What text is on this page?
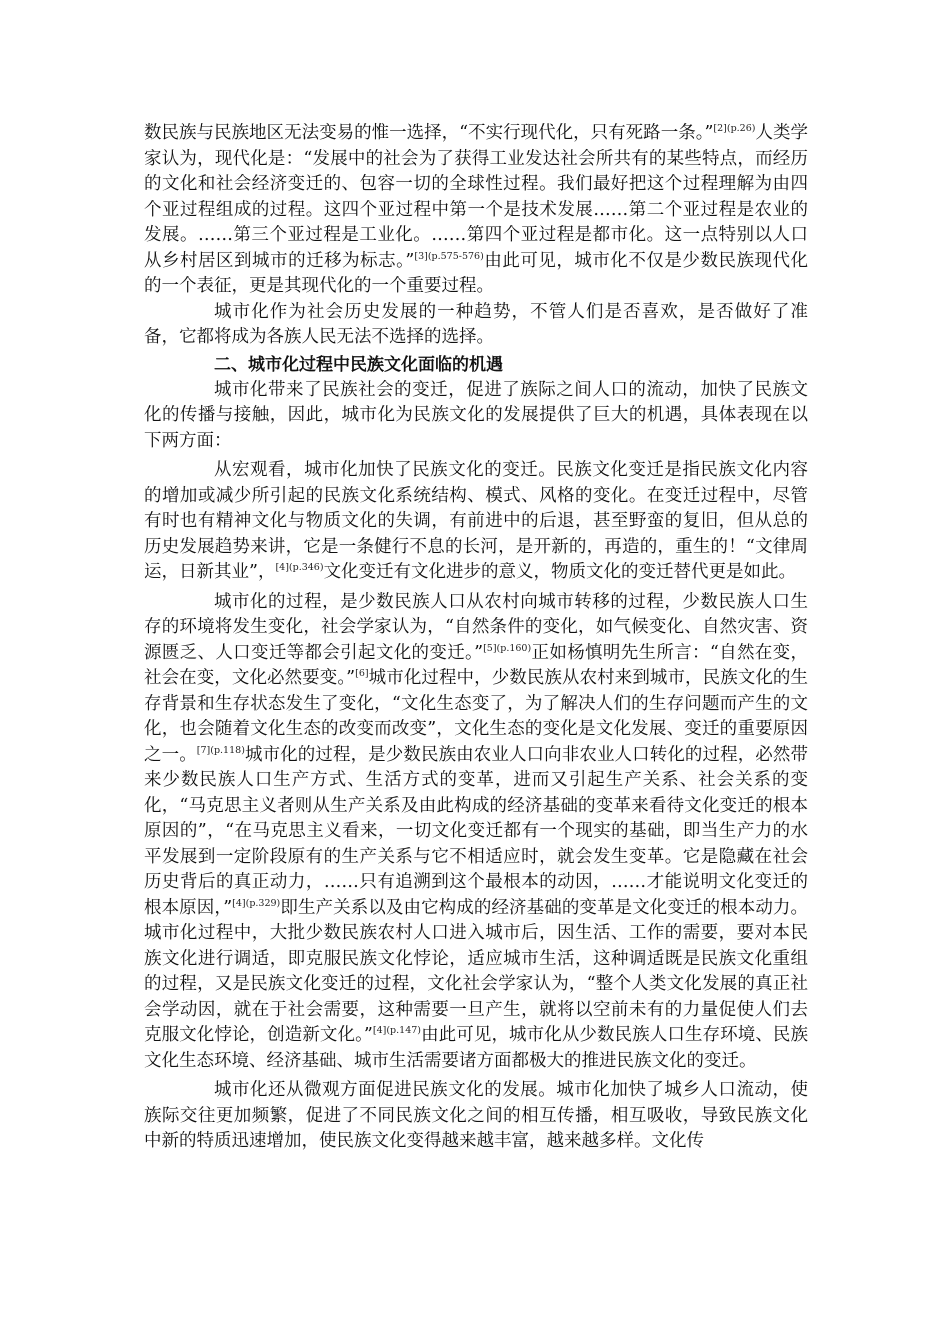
数民族与民族地区无法变易的惟一选择，“不实行现代化，只有死路一条。”$^{[2](p.26)}$人类学家认为，现代化是：“发展中的社会为了获得工业发达社会所共有的某些特点，而经历的文化和社会经济变迁的、包容一切的全球性过程。我们最好把这个过程理解为由四个亚过程组成的过程。这四个亚过程中第一个是技术发展……第二个亚过程是农业的发展。……第三个亚过程是工业化。……第四个亚过程是都市化。这一点特别以人口从乡村居区到城市的迁移为标志。”$^{[3](p.575-576)}$由此可见，城市化不仅是少数民族现代化的一个表征，更是其现代化的一个重要过程。

城市化作为社会历史发展的一种趋势，不管人们是否喜欢，是否做好了准备，它都将成为各族人民无法不选择的选择。

二、城市化过程中民族文化面临的机遇

城市化带来了民族社会的变迁，促进了族际之间人口的流动，加快了民族文化的传播与接触，因此，城市化为民族文化的发展提供了巨大的机遇，具体表现在以下两方面：

从宏观看，城市化加快了民族文化的变迁。民族文化变迁是指民族文化内容的增加或减少所引起的民族文化系统结构、模式、风格的变化。在变迁过程中，尽管有时也有精神文化与物质文化的失调，有前进中的后退，甚至野蛮的复旧，但从总的历史发展趋势来讲，它是一条健行不息的长河，是开新的，再造的，重生的！“文律周运，日新其业”，$^{[4](p.346)}$文化变迁有文化进步的意义，物质文化的变迁替代更是如此。

城市化的过程，是少数民族人口从农村向城市转移的过程，少数民族人口生存的环境将发生变化，社会学家认为，“自然条件的变化，如气候变化、自然灾害、资源匮乏、人口变迁等都会引起文化的变迁。”$^{[5](p.160)}$正如杨慎明先生所言：“自然在变，社会在变，文化必然要变。”[6]城市化过程中，少数民族从农村来到城市，民族文化的生存背景和生存状态发生了变化，“文化生态变了，为了解决人们的生存问题而产生的文化，也会随着文化生态的改变而改变”，文化生态的变化是文化发展、变迁的重要原因之一。$^{[7](p.118)}$城市化的过程，是少数民族由农业人口向非农业人口转化的过程，必然带来少数民族人口生产方式、生活方式的变革，进而又引起生产关系、社会关系的变化，“马克思主义者则从生产关系及由此构成的经济基础的变革来看待文化变迁的根本原因的”，“在马克思主义看来，一切文化变迁都有一个现实的基础，即当生产力的水平发展到一定阶段原有的生产关系与它不相适应时，就会发生变革。它是隐藏在社会历史背后的真正动力，……只有追溯到这个最根本的动因，……才能说明文化变迁的根本原因，”$^{[4](p.329)}$即生产关系以及由它构成的经济基础的变革是文化变迁的根本动力。城市化过程中，大批少数民族农村人口进入城市后，因生活、工作的需要，要对本民族文化进行调适，即克服民族文化悖论，适应城市生活，这种调适既是民族文化重组的过程，又是民族文化变迁的过程，文化社会学家认为，“整个人类文化发展的真正社会学动因，就在于社会需要，这种需要一旦产生，就将以空前未有的力量促使人们去克服文化悖论，创造新文化。”$^{[4](p.147)}$由此可见，城市化从少数民族人口生存环境、民族文化生态环境、经济基础、城市生活需要诸方面都极大的推进民族文化的变迁。

城市化还从微观方面促进民族文化的发展。城市化加快了城乡人口流动，使族际交往更加频繁，促进了不同民族文化之间的相互传播，相互吸收，导致民族文化中新的特质迅速增加，使民族文化变得越来越丰富，越来越多样。文化传
